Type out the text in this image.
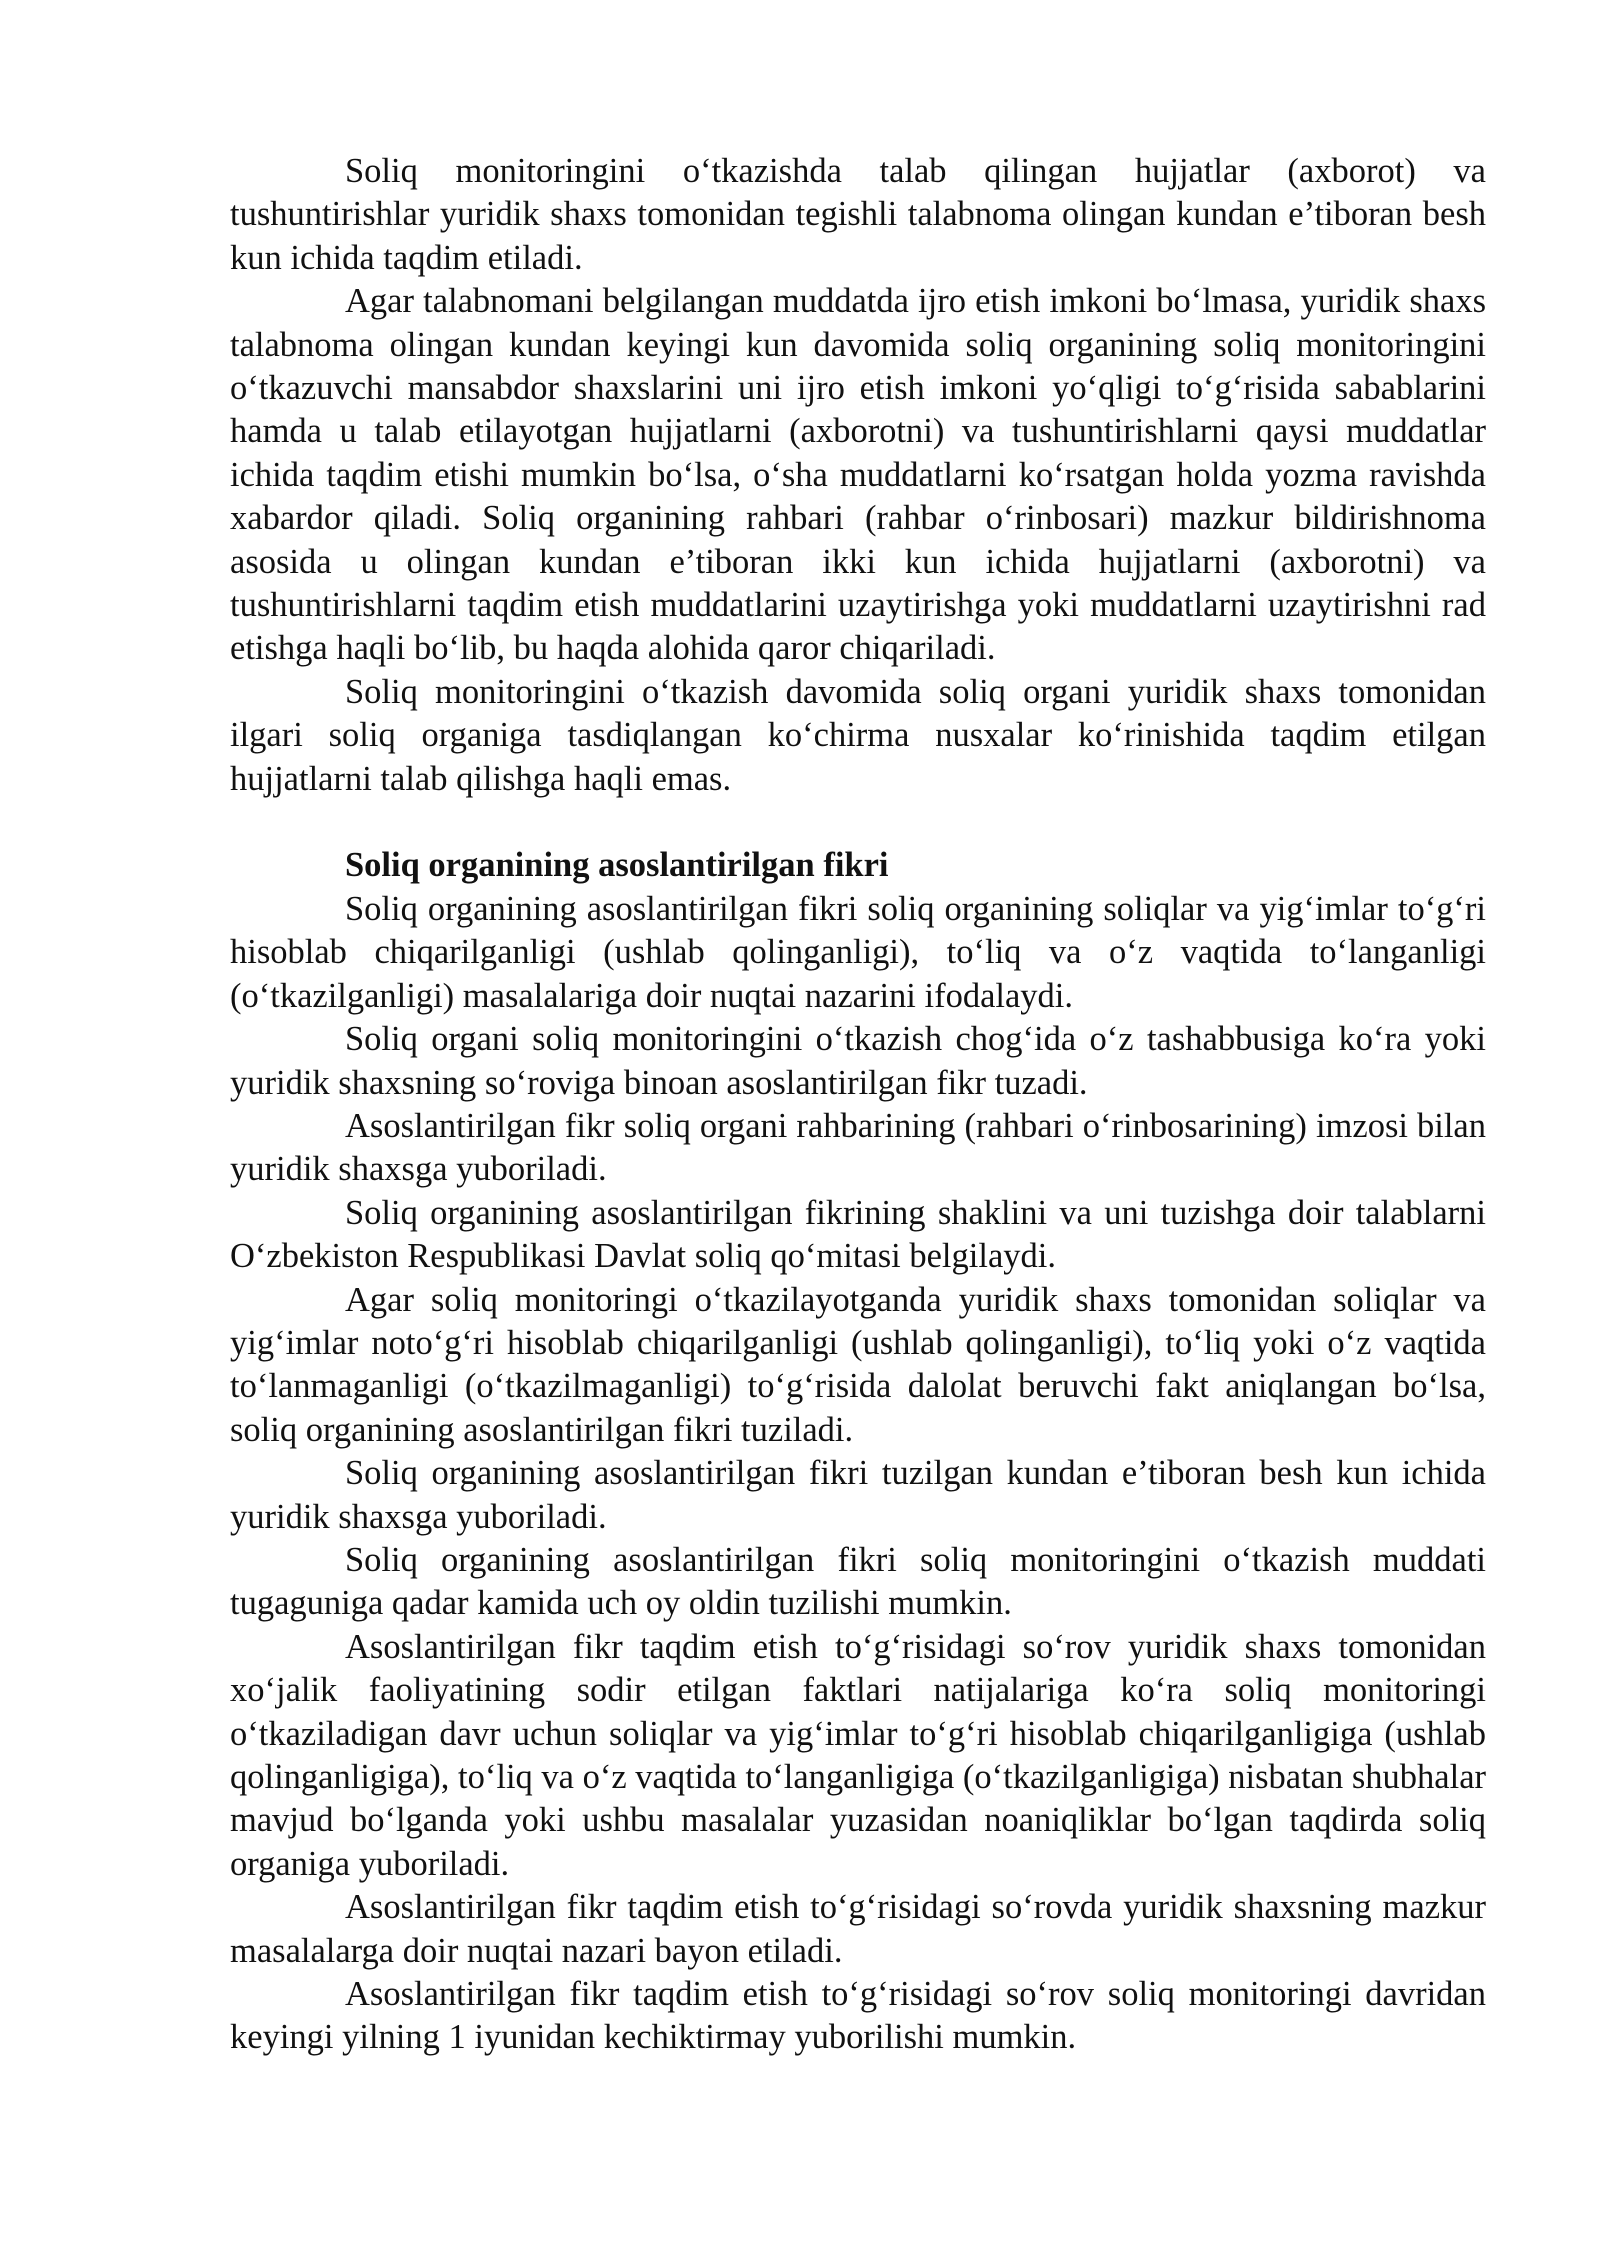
Soliq monitoringini o‘tkazishda talab qilingan hujjatlar (axborot) va tushuntirishlar yuridik shaxs tomonidan tegishli talabnoma olingan kundan e’tiboran besh kun ichida taqdim etiladi.

Agar talabnomani belgilangan muddatda ijro etish imkoni bo‘lmasa, yuridik shaxs talabnoma olingan kundan keyingi kun davomida soliq organining soliq monitoringini o‘tkazuvchi mansabdor shaxslarini uni ijro etish imkoni yo‘qligi to‘g‘risida sabablarini hamda u talab etilayotgan hujjatlarni (axborotni) va tushuntirishlarni qaysi muddatlar ichida taqdim etishi mumkin bo‘lsa, o‘sha muddatlarni ko‘rsatgan holda yozma ravishda xabardor qiladi. Soliq organining rahbari (rahbar o‘rinbosari) mazkur bildirishnoma asosida u olingan kundan e’tiboran ikki kun ichida hujjatlarni (axborotni) va tushuntirishlarni taqdim etish muddatlarini uzaytirishga yoki muddatlarni uzaytirishni rad etishga haqli bo‘lib, bu haqda alohida qaror chiqariladi.

Soliq monitoringini o‘tkazish davomida soliq organi yuridik shaxs tomonidan ilgari soliq organiga tasdiqlangan ko‘chirma nusxalar ko‘rinishida taqdim etilgan hujjatlarni talab qilishga haqli emas.

Soliq organining asoslantirilgan fikri

Soliq organining asoslantirilgan fikri soliq organining soliqlar va yig‘imlar to‘g‘ri hisoblab chiqarilganligi (ushlab qolinganligi), to‘liq va o‘z vaqtida to‘langanligi (o‘tkazilganligi) masalalariga doir nuqtai nazarini ifodalaydi.

Soliq organi soliq monitoringini o‘tkazish chog‘ida o‘z tashabbusiga ko‘ra yoki yuridik shaxsning so‘roviga binoan asoslantirilgan fikr tuzadi.

Asoslantirilgan fikr soliq organi rahbarining (rahbari o‘rinbosarining) imzosi bilan yuridik shaxsga yuboriladi.

Soliq organining asoslantirilgan fikrining shaklini va uni tuzishga doir talablarni O‘zbekiston Respublikasi Davlat soliq qo‘mitasi belgilaydi.

Agar soliq monitoringi o‘tkazilayotganda yuridik shaxs tomonidan soliqlar va yig‘imlar noto‘g‘ri hisoblab chiqarilganligi (ushlab qolinganligi), to‘liq yoki o‘z vaqtida to‘lanmaganligi (o‘tkazilmaganligi) to‘g‘risida dalolat beruvchi fakt aniqlangan bo‘lsa, soliq organining asoslantirilgan fikri tuziladi.

Soliq organining asoslantirilgan fikri tuzilgan kundan e’tiboran besh kun ichida yuridik shaxsga yuboriladi.

Soliq organining asoslantirilgan fikri soliq monitoringini o‘tkazish muddati tugaguniga qadar kamida uch oy oldin tuzilishi mumkin.

Asoslantirilgan fikr taqdim etish to‘g‘risidagi so‘rov yuridik shaxs tomonidan xo‘jalik faoliyatining sodir etilgan faktlari natijalariga ko‘ra soliq monitoringi o‘tkaziladigan davr uchun soliqlar va yig‘imlar to‘g‘ri hisoblab chiqarilganligiga (ushlab qolinganligiga), to‘liq va o‘z vaqtida to‘langanligiga (o‘tkazilganligiga) nisbatan shubhalar mavjud bo‘lganda yoki ushbu masalalar yuzasidan noaniqliklar bo‘lgan taqdirda soliq organiga yuboriladi.

Asoslantirilgan fikr taqdim etish to‘g‘risidagi so‘rovda yuridik shaxsning mazkur masalalarga doir nuqtai nazari bayon etiladi.

Asoslantirilgan fikr taqdim etish to‘g‘risidagi so‘rov soliq monitoringi davridan keyingi yilning 1 iyunidan kechiktirmay yuborilishi mumkin.
